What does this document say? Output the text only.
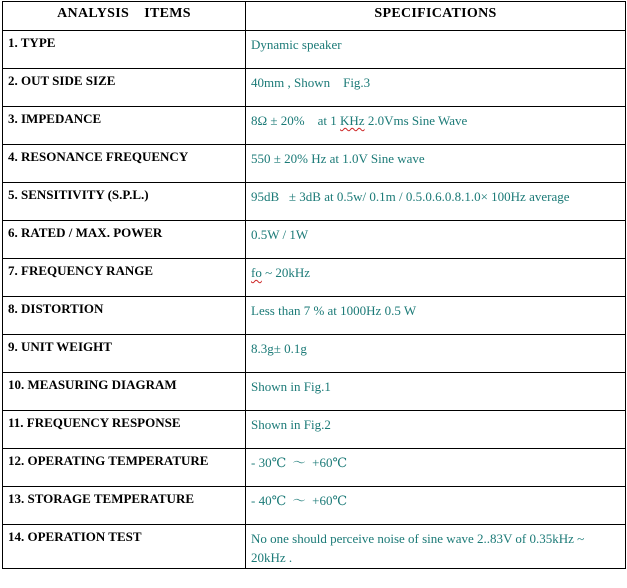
ANALYSIS    ITEMS	SPECIFICATIONS
1. TYPE	Dynamic speaker
2. OUT SIDE SIZE	40mm , Shown    Fig.3
3. IMPEDANCE	8Ω ± 20%    at 1 KHz 2.0Vms Sine Wave
4. RESONANCE FREQUENCY	550 ± 20% Hz at 1.0V Sine wave
5. SENSITIVITY (S.P.L.)	95dB   ± 3dB at 0.5w/ 0.1m / 0.5.0.6.0.8.1.0× 100Hz average
6. RATED / MAX. POWER	0.5W / 1W
7. FREQUENCY RANGE	fo ~ 20kHz
8. DISTORTION	Less than 7 % at 1000Hz 0.5 W
9. UNIT WEIGHT	8.3g± 0.1g
10. MEASURING DIAGRAM	Shown in Fig.1
11. FREQUENCY RESPONSE	Shown in Fig.2
12. OPERATING TEMPERATURE	- 30℃  ～  +60℃
13. STORAGE TEMPERATURE	- 40℃  ～  +60℃
14. OPERATION TEST	No one should perceive noise of sine wave 2..83V of 0.35kHz ~ 20kHz .
